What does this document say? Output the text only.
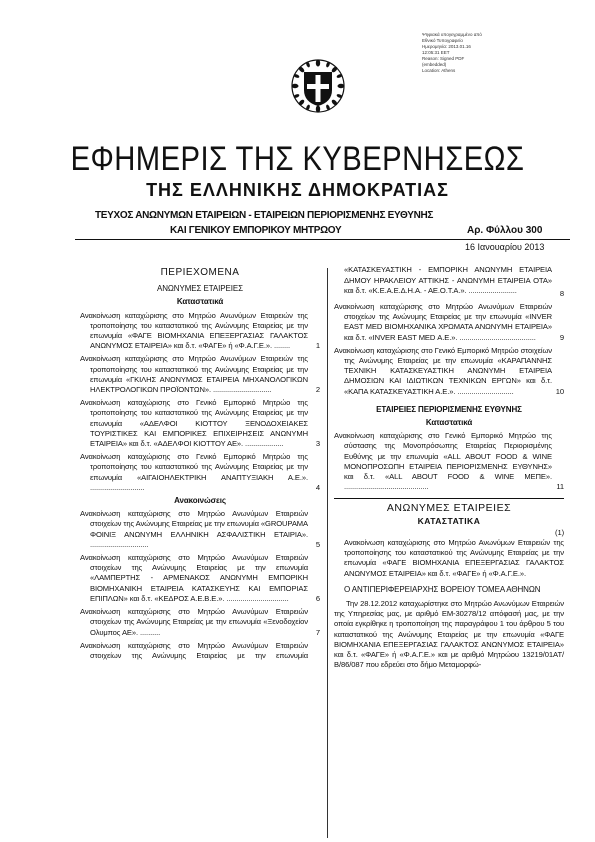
Ψηφιακά υπογεγραμμένο από
Εθνικό Τυπογραφείο
Ημερομηνία: 2013.01.16
12:05:31 EET
Reason: Signed PDF
(embedded)
Location: Athens
ΕΦΗΜΕΡΙΣ ΤΗΣ ΚΥΒΕΡΝΗΣΕΩΣ
ΤΗΣ ΕΛΛΗΝΙΚΗΣ ΔΗΜΟΚΡΑΤΙΑΣ
ΤΕΥΧΟΣ ΑΝΩΝΥΜΩΝ ΕΤΑΙΡΕΙΩΝ - ΕΤΑΙΡΕΙΩΝ ΠΕΡΙΟΡΙΣΜΕΝΗΣ ΕΥΘΥΝΗΣ
ΚΑΙ ΓΕΝΙΚΟΥ ΕΜΠΟΡΙΚΟΥ ΜΗΤΡΩΟΥ	Αρ. Φύλλου 300
16 Ιανουαρίου 2013
ΠΕΡΙΕΧΟΜΕΝΑ
ΑΝΩΝΥΜΕΣ ΕΤΑΙΡΕΙΕΣ
Καταστατικά
Ανακοίνωση καταχώρισης στο Μητρώο Ανωνύμων Εταιρειών της τροποποίησης του καταστατικού της Ανώνυμης Εταιρείας με την επωνυμία «ΦΑΓΕ ΒΙΟΜΗΧΑΝΙΑ ΕΠΕΞΕΡΓΑΣΙΑΣ ΓΑΛΑΚΤΟΣ ΑΝΩΝΥΜΟΣ ΕΤΑΙΡΕΙΑ» και δ.τ. «ΦΑΓΕ» ή «Φ.Α.Γ.Ε.». ........	1
Ανακοίνωση καταχώρισης στο Μητρώο Ανωνύμων Εταιρειών της τροποποίησης του καταστατικού της Ανώνυμης Εταιρείας με την επωνυμία «ΓΚΙΛΗΣ ΑΝΩΝΥΜΟΣ ΕΤΑΙΡΕΙΑ ΜΗΧΑΝΟΛΟΓΙΚΩΝ ΗΛΕΚΤΡΟΛΟΓΙΚΩΝ ΠΡΟΪΟΝΤΩΝ». .............................	2
Ανακοίνωση καταχώρισης στο Γενικό Εμπορικό Μητρώο της τροποποίησης του καταστατικού της Ανώνυμης Εταιρείας με την επωνυμία «ΑΔΕΛΦΟΙ ΚΙΟΤΤΟΥ ΞΕΝΟΔΟΧΕΙΑΚΕΣ ΤΟΥΡΙΣΤΙΚΕΣ ΚΑΙ ΕΜΠΟΡΙΚΕΣ ΕΠΙΧΕΙΡΗΣΕΙΣ ΑΝΩΝΥΜΗ ΕΤΑΙΡΕΙΑ» και δ.τ. «ΑΔΕΛΦΟΙ ΚΙΟΤΤΟΥ ΑΕ». ...................	3
Ανακοίνωση καταχώρισης στο Γενικό Εμπορικό Μητρώο της τροποποίησης του καταστατικού της Ανώνυμης Εταιρείας με την επωνυμία «ΑΙΓΑΙΟΗΛΕΚΤΡΙΚΗ ΑΝΑΠΤΥΞΙΑΚΗ Α.Ε.». ...........................	4
Ανακοινώσεις
Ανακοίνωση καταχώρισης στο Μητρώο Ανωνύμων Εταιρειών στοιχείων της Ανώνυμης Εταιρείας με την επωνυμία «GROUPAMA ΦΟΙΝΙΞ ΑΝΩΝΥΜΗ ΕΛΛΗΝΙΚΗ ΑΣΦΑΛΙΣΤΙΚΗ ΕΤΑΙΡΙΑ». .............................	5
Ανακοίνωση καταχώρισης στο Μητρώο Ανωνύμων Εταιρειών στοιχείων της Ανώνυμης Εταιρείας με την επωνυμία «ΛΑΜΠΕΡΤΗΣ - ΑΡΜΕΝΑΚΟΣ ΑΝΩΝΥΜΗ ΕΜΠΟΡΙΚΗ ΒΙΟΜΗΧΑΝΙΚΗ ΕΤΑΙΡΕΙΑ ΚΑΤΑΣΚΕΥΗΣ ΚΑΙ ΕΜΠΟΡΙΑΣ ΕΠΙΠΛΩΝ» και δ.τ. «ΚΕΔΡΟΣ Α.Ε.Β.Ε.». ...............................	6
Ανακοίνωση καταχώρισης στο Μητρώο Ανωνύμων Εταιρειών στοιχείων της Ανώνυμης Εταιρείας με την επωνυμία «Ξενοδοχείον Ολυμπος ΑΕ». ..........	7
Ανακοίνωση καταχώρισης στο Μητρώο Ανωνύμων Εταιρειών στοιχείων της Ανώνυμης Εταιρείας με την επωνυμία
«ΚΑΤΑΣΚΕΥΑΣΤΙΚΗ - ΕΜΠΟΡΙΚΗ ΑΝΩΝΥΜΗ ΕΤΑΙΡΕΙΑ ΔΗΜΟΥ ΗΡΑΚΛΕΙΟΥ ΑΤΤΙΚΗΣ - ΑΝΩΝΥΜΗ ΕΤΑΙΡΕΙΑ ΟΤΑ» και δ.τ. «Κ.Ε.Α.Ε.Δ.Η.Α. - ΑΕ.Ο.Τ.Α.». ........................	8
Ανακοίνωση καταχώρισης στο Μητρώο Ανωνύμων Εταιρειών στοιχείων της Ανώνυμης Εταιρείας με την επωνυμία «INVER EAST MED ΒΙΟΜΗΧΑΝΙΚΑ ΧΡΩΜΑΤΑ ΑΝΩΝΥΜΗ ΕΤΑΙΡΕΙΑ» και δ.τ. «INVER EAST MED Α.Ε.». ......................................	9
Ανακοίνωση καταχώρισης στο Γενικό Εμπορικό Μητρώο στοιχείων της Ανώνυμης Εταιρείας με την επωνυμία «ΚΑΡΑΠΑΝΝΗΣ ΤΕΧΝΙΚΗ ΚΑΤΑΣΚΕΥΑΣΤΙΚΗ ΑΝΩΝΥΜΗ ΕΤΑΙΡΕΙΑ ΔΗΜΟΣΙΩΝ ΚΑΙ ΙΔΙΩΤΙΚΩΝ ΤΕΧΝΙΚΩΝ ΕΡΓΩΝ» και δ.τ. «ΚΑΠΑ ΚΑΤΑΣΚΕΥΑΣΤΙΚΗ Α.Ε.». ............................	10
ΕΤΑΙΡΕΙΕΣ ΠΕΡΙΟΡΙΣΜΕΝΗΣ ΕΥΘΥΝΗΣ
Καταστατικά
Ανακοίνωση καταχώρισης στο Γενικό Εμπορικό Μητρώο της σύστασης της Μονοπρόσωπης Εταιρείας Περιορισμένης Ευθύνης με την επωνυμία «ALL ABOUT FOOD & WINE ΜΟΝΟΠΡΟΣΩΠΗ ΕΤΑΙΡΕΙΑ ΠΕΡΙΟΡΙΣΜΕΝΗΣ ΕΥΘΥΝΗΣ» και δ.τ. «ALL ABOUT FOOD & WINE ΜΕΠΕ». ..........................................	11
ΑΝΩΝΥΜΕΣ ΕΤΑΙΡΕΙΕΣ
ΚΑΤΑΣΤΑΤΙΚΑ
(1)

Ανακοίνωση καταχώρισης στο Μητρώο Ανωνύμων Εταιρειών της τροποποίησης του καταστατικού της Ανώνυμης Εταιρείας με την επωνυμία «ΦΑΓΕ ΒΙΟΜΗΧΑΝΙΑ ΕΠΕΞΕΡΓΑΣΙΑΣ ΓΑΛΑΚΤΟΣ ΑΝΩΝΥΜΟΣ ΕΤΑΙΡΕΙΑ» και δ.τ. «ΦΑΓΕ» ή «Φ.Α.Γ.Ε.».

Ο ΑΝΤΙΠΕΡΙΦΕΡΕΙΑΡΧΗΣ ΒΟΡΕΙΟΥ ΤΟΜΕΑ ΑΘΗΝΩΝ

Την 28.12.2012 καταχωρίστηκε στο Μητρώο Ανωνύμων Εταιρειών της Υπηρεσίας μας, με αριθμό ΕΜ-30278/12 απόφασή μας, με την οποία εγκρίθηκε η τροποποίηση της παραγράφου 1 του άρθρου 5 του καταστατικού της Ανώνυμης Εταιρείας με την επωνυμία «ΦΑΓΕ ΒΙΟΜΗΧΑΝΙΑ ΕΠΕΞΕΡΓΑΣΙΑΣ ΓΑΛΑΚΤΟΣ ΑΝΩΝΥΜΟΣ ΕΤΑΙΡΕΙΑ» και δ.τ. «ΦΑΓΕ» ή «Φ.Α.Γ.Ε.» και με αριθμό Μητρώου 13219/01ΑΤ/Β/86/087 που εδρεύει στο δήμο Μεταμορφώ-
